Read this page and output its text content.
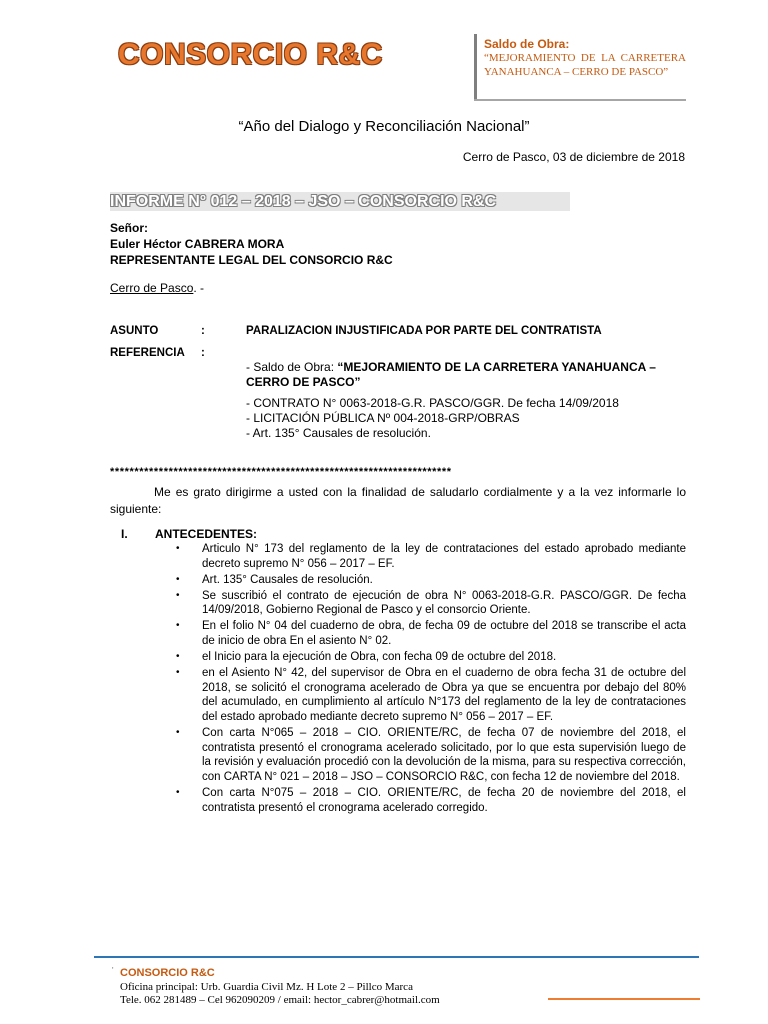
CONSORCIO R&C	Saldo de Obra:
“MEJORAMIENTO DE LA CARRETERA YANAHUANCA – CERRO DE PASCO”
“Año del Dialogo y Reconciliación Nacional”
Cerro de Pasco, 03 de diciembre de 2018
INFORME N° 012 – 2018 – JSO – CONSORCIO R&C
Señor:
Euler Héctor CABRERA MORA
REPRESENTANTE LEGAL DEL CONSORCIO R&C
Cerro de Pasco. -
ASUNTO	:	PARALIZACION INJUSTIFICADA POR PARTE DEL CONTRATISTA
REFERENCIA :
- Saldo de Obra: “MEJORAMIENTO DE LA CARRETERA YANAHUANCA –
CERRO DE PASCO”
- CONTRATO N° 0063-2018-G.R. PASCO/GGR. De fecha 14/09/2018
- LICITACIÓN PÚBLICA Nº 004-2018-GRP/OBRAS
- Art. 135° Causales de resolución.
**********************************************************************
Me es grato dirigirme a usted con la finalidad de saludarlo cordialmente y a la vez informarle lo siguiente:
I. ANTECEDENTES:
• Articulo N° 173 del reglamento de la ley de contrataciones del estado aprobado mediante decreto supremo N° 056 – 2017 – EF.
• Art. 135° Causales de resolución.
• Se suscribió el contrato de ejecución de obra N° 0063-2018-G.R. PASCO/GGR. De fecha 14/09/2018, Gobierno Regional de Pasco y el consorcio Oriente.
• En el folio N° 04 del cuaderno de obra, de fecha 09 de octubre del 2018 se transcribe el acta de inicio de obra En el asiento N° 02.
• el Inicio para la ejecución de Obra, con fecha 09 de octubre del 2018.
• en el Asiento N° 42, del supervisor de Obra en el cuaderno de obra fecha 31 de octubre del 2018, se solicitó el cronograma acelerado de Obra ya que se encuentra por debajo del 80% del acumulado, en cumplimiento al artículo N°173 del reglamento de la ley de contrataciones del estado aprobado mediante decreto supremo N° 056 – 2017 – EF.
• Con carta N°065 – 2018 – CIO. ORIENTE/RC, de fecha 07 de noviembre del 2018, el contratista presentó el cronograma acelerado solicitado, por lo que esta supervisión luego de la revisión y evaluación procedió con la devolución de la misma, para su respectiva corrección, con CARTA N° 021 – 2018 – JSO – CONSORCIO R&C, con fecha 12 de noviembre del 2018.
• Con carta N°075 – 2018 – CIO. ORIENTE/RC, de fecha 20 de noviembre del 2018, el contratista presentó el cronograma acelerado corregido.
' CONSORCIO R&C
Oficina principal: Urb. Guardia Civil Mz. H Lote 2 – Pillco Marca
Tele. 062 281489 – Cel 962090209 / email: hector_cabrer@hotmail.com
